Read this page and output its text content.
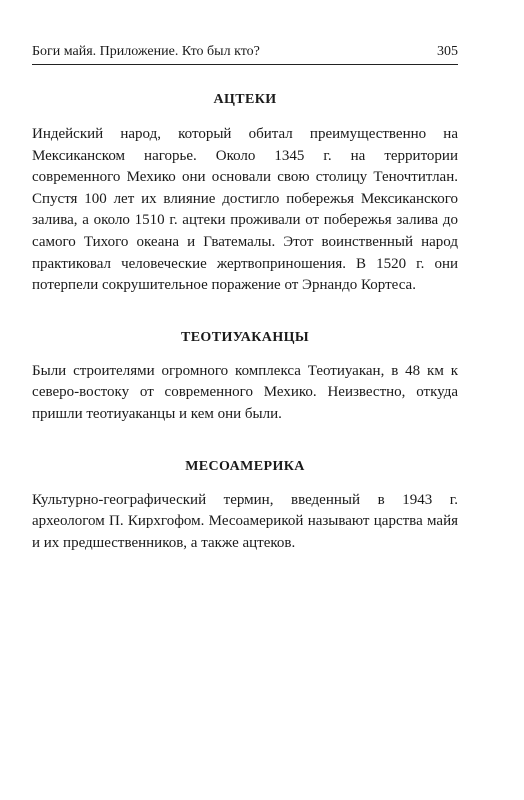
Боги майя. Приложение. Кто был кто?	305
АЦТЕКИ

Индейский народ, который обитал преимущественно на Мексиканском нагорье. Около 1345 г. на территории современного Мехико они основали свою столицу Теночтитлан. Спустя 100 лет их влияние достигло побережья Мексиканского залива, а около 1510 г. ацтеки проживали от побережья залива до самого Тихого океана и Гватемалы. Этот воинственный народ практиковал человеческие жертвоприношения. В 1520 г. они потерпели сокрушительное поражение от Эрнандо Кортеса.

ТЕОТИУАКАНЦЫ

Были строителями огромного комплекса Теотиуакан, в 48 км к северо-востоку от современного Мехико. Неизвестно, откуда пришли теотиуаканцы и кем они были.

МЕСОАМЕРИКА

Культурно-географический термин, введенный в 1943 г. археологом П. Кирхгофом. Месоамерикой называют царства майя и их предшественников, а также ацтеков.
